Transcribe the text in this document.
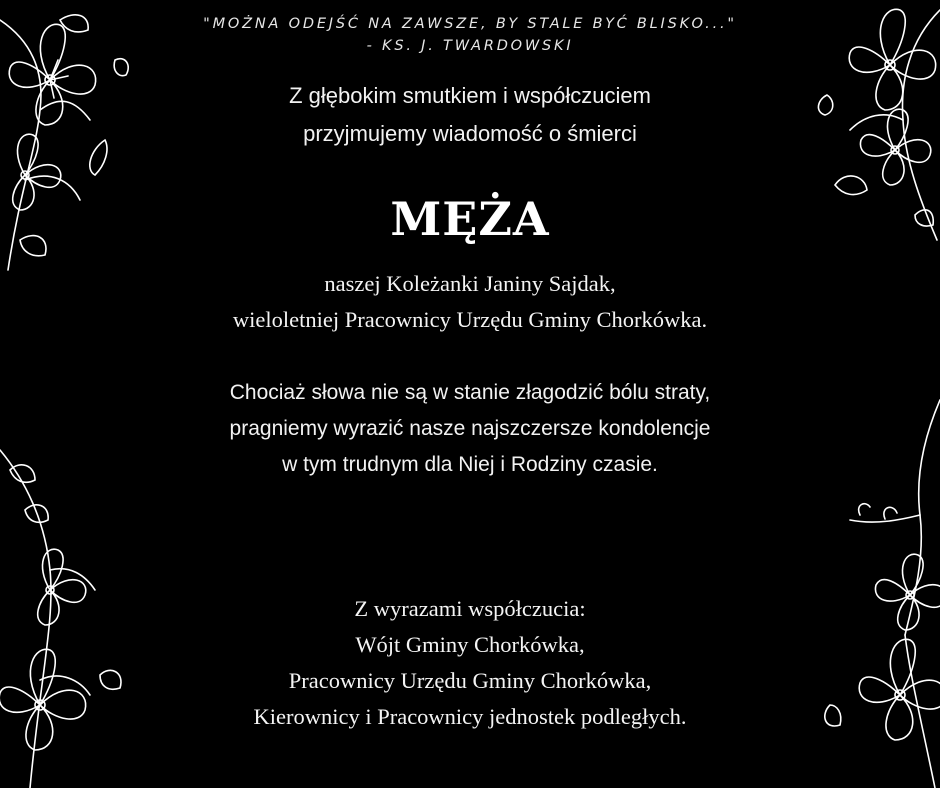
"MOŻNA ODEJŚĆ NA ZAWSZE, BY STALE BYĆ BLISKO..."
- KS. J. TWARDOWSKI
Z głębokim smutkiem i współczuciem
przyjmujemy wiadomość o śmierci
MĘŻA
naszej Koleżanki Janiny Sajdak,
wieloletniej Pracownicy Urzędu Gminy Chorkówka.
Chociaż słowa nie są w stanie złagodzić bólu straty,
pragniemy wyrazić nasze najszczersze kondolencje
w tym trudnym dla Niej i Rodziny czasie.
Z wyrazami współczucia:
Wójt Gminy Chorkówka,
Pracownicy Urzędu Gminy Chorkówka,
Kierownicy i Pracownicy jednostek podległych.
